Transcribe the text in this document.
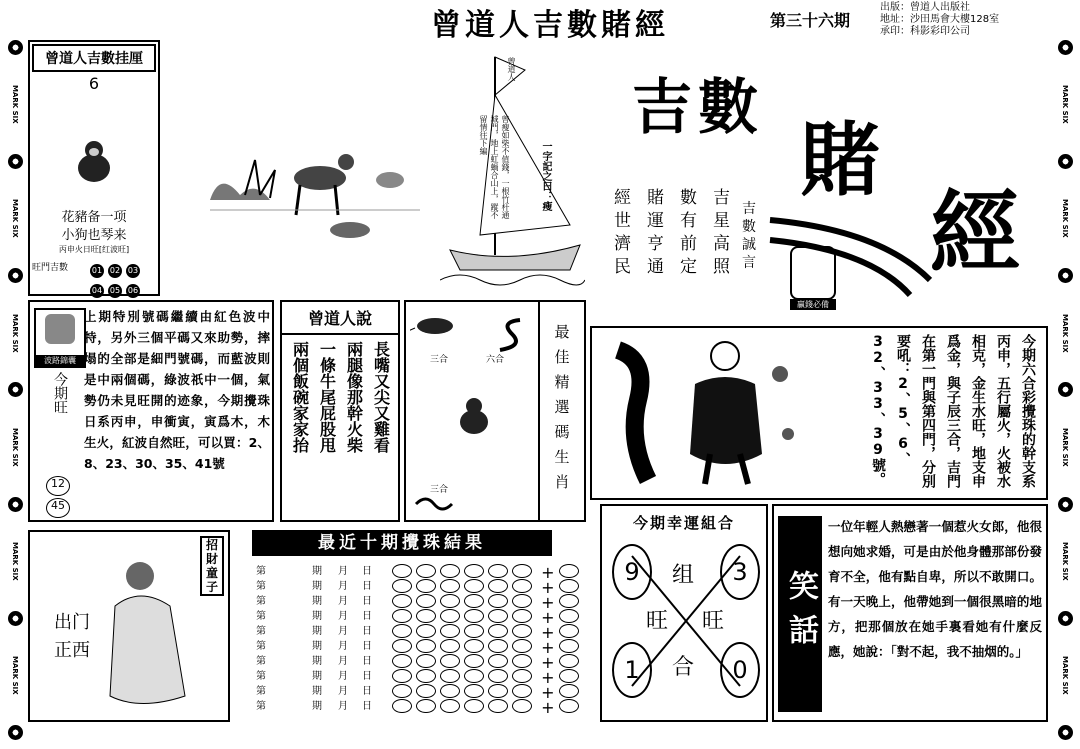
曾道人吉數賭經	第三十六期
出版：曾道人出版社
地址：沙田馬會大樓128室
承印：科影彩印公司
MARK SIX
MARK SIX
MARK SIX
MARK SIX
MARK SIX
MARK SIX
MARK SIX
MARK SIX
MARK SIX
MARK SIX
MARK SIX
MARK SIX
曾道人吉數挂厘
6
花豬备一项
小狗也琴来
丙申火日旺[红波旺]
旺門吉數	01 02 0304 05 06
曾道人
曾瘦如柴不值錢，一根竹杆通城門，地上虹蝸合山上，蹤不留情往下編
一字記之曰：瘦
吉數
賭
經
吉數誠言
吉星高照
數有前定
賭運亨通
經世濟民
贏錢必備
波路錦囊
今期旺
12
45
上期特別號碼繼續由紅色波中特，另外三個平碼又來助勢，摔塌的全部是細門號碼，而藍波則是中兩個碼，綠波祇中一個，氣勢仍未見旺開的迹象，今期攪珠日系丙申，申衝寅，寅爲木，木生火，紅波自然旺，可以買：2、8、23、30、35、41號
曾道人說
長嘴又尖又雞看
兩腿像那幹火柴
一條牛尾屁股甩
兩個飯碗家家抬	三合	六合
三合	最佳精選碼生肖	今期六合彩攪珠的幹支系丙申，五行屬火，火被水相克，金生水旺，地支申爲金，與子辰三合，吉門在第一門與第四門，分別要吼：2、5、6、32、33、39號。
最近十期攪珠結果
第	期 月 日	+
第	期 月 日	+
第	期 月 日	+
第	期 月 日	+
第	期 月 日	+
第	期 月 日	+
第	期 月 日	+
第	期 月 日	+
第	期 月 日	+
第	期 月 日	+
招財童子
出门
正西
今期幸運組合
9	3
1	0
组
旺 旺
合
笑話
一位年輕人熱戀著一個惹火女郎，他很想向她求婚，可是由於他身體那部份發育不全，他有點自卑，所以不敢開口。有一天晚上，他帶她到一個很黑暗的地方，把那個放在她手裏看她有什麼反應，她說：「對不起，我不抽烟的。」
